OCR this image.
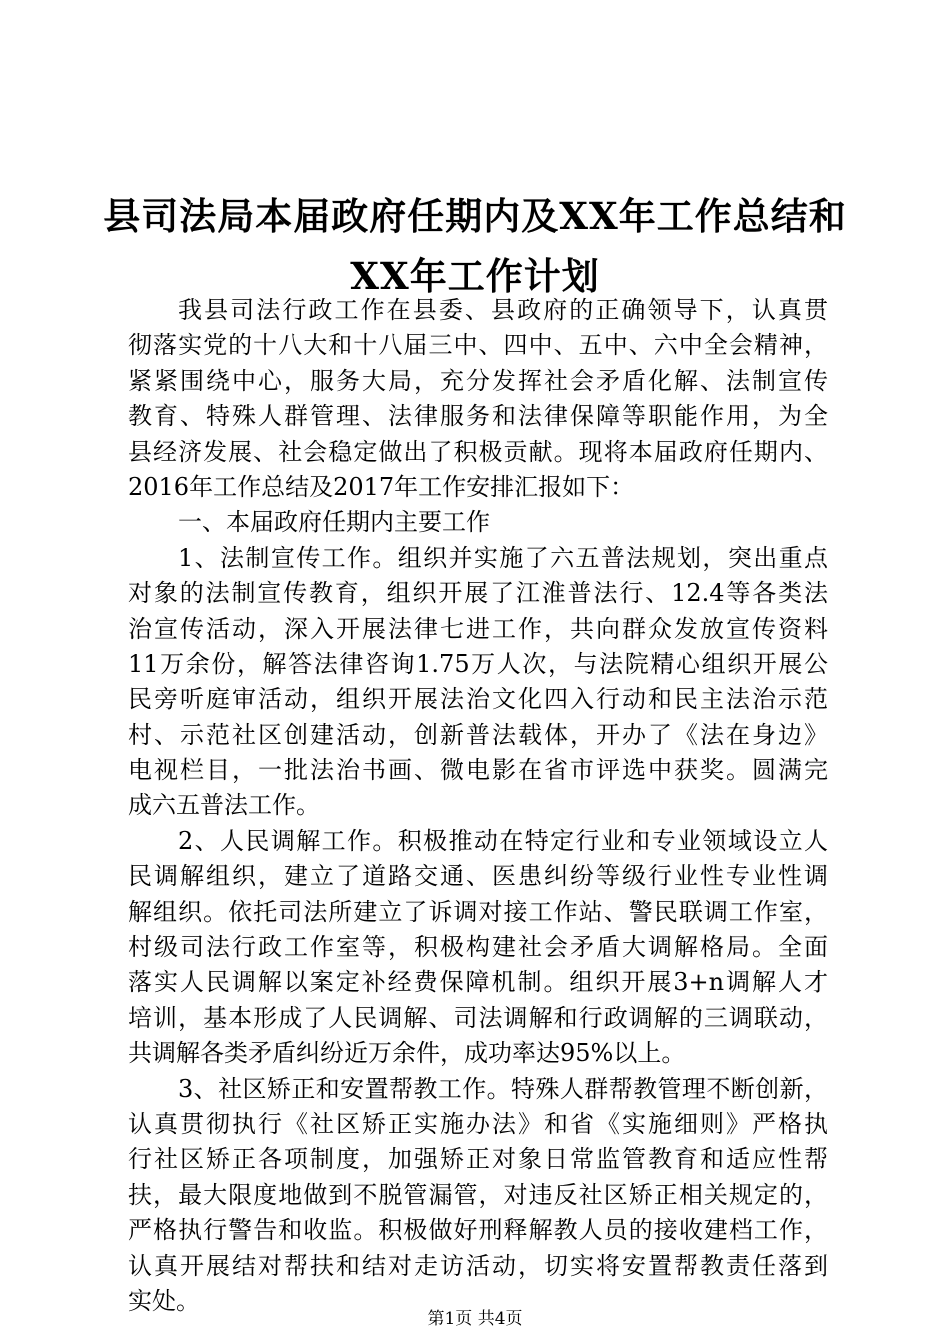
县司法局本届政府任期内及XX年工作总结和
XX年工作计划
我县司法行政工作在县委、县政府的正确领导下，认真贯
彻落实党的十八大和十八届三中、四中、五中、六中全会精神，
紧紧围绕中心，服务大局，充分发挥社会矛盾化解、法制宣传
教育、特殊人群管理、法律服务和法律保障等职能作用，为全
县经济发展、社会稳定做出了积极贡献。现将本届政府任期内、
2016年工作总结及2017年工作安排汇报如下：
一、本届政府任期内主要工作
1、法制宣传工作。组织并实施了六五普法规划，突出重点
对象的法制宣传教育，组织开展了江淮普法行、12.4等各类法
治宣传活动，深入开展法律七进工作，共向群众发放宣传资料
11万余份，解答法律咨询1.75万人次，与法院精心组织开展公
民旁听庭审活动，组织开展法治文化四入行动和民主法治示范
村、示范社区创建活动，创新普法载体，开办了《法在身边》
电视栏目，一批法治书画、微电影在省市评选中获奖。圆满完
成六五普法工作。
2、人民调解工作。积极推动在特定行业和专业领域设立人
民调解组织，建立了道路交通、医患纠纷等级行业性专业性调
解组织。依托司法所建立了诉调对接工作站、警民联调工作室，
村级司法行政工作室等，积极构建社会矛盾大调解格局。全面
落实人民调解以案定补经费保障机制。组织开展3+n调解人才
培训，基本形成了人民调解、司法调解和行政调解的三调联动，
共调解各类矛盾纠纷近万余件，成功率达95%以上。
3、社区矫正和安置帮教工作。特殊人群帮教管理不断创新，
认真贯彻执行《社区矫正实施办法》和省《实施细则》严格执
行社区矫正各项制度，加强矫正对象日常监管教育和适应性帮
扶，最大限度地做到不脱管漏管，对违反社区矫正相关规定的，
严格执行警告和收监。积极做好刑释解教人员的接收建档工作，
认真开展结对帮扶和结对走访活动，切实将安置帮教责任落到
实处。
第1页 共4页
